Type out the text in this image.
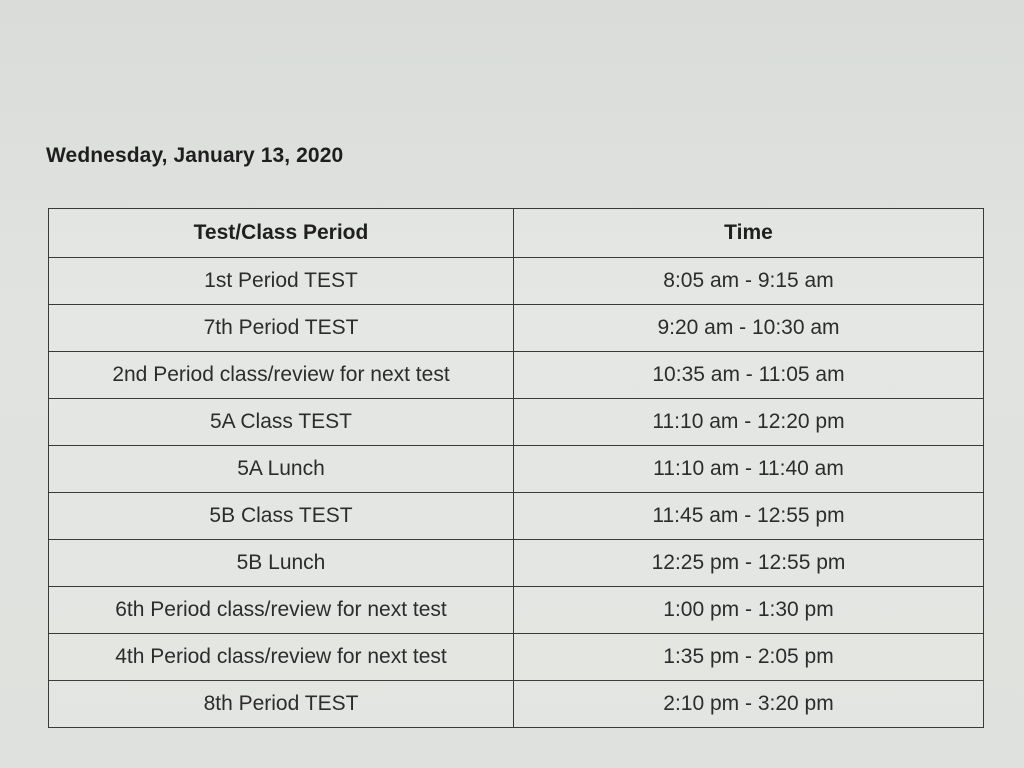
Wednesday, January 13, 2020
Test/Class Period	Time
1st Period TEST	8:05 am - 9:15 am
7th Period TEST	9:20 am - 10:30 am
2nd Period class/review for next test	10:35 am - 11:05 am
5A Class TEST	11:10 am - 12:20 pm
5A Lunch	11:10 am - 11:40 am
5B Class TEST	11:45 am - 12:55 pm
5B Lunch	12:25 pm - 12:55 pm
6th Period class/review for next test	1:00 pm - 1:30 pm
4th Period class/review for next test	1:35 pm - 2:05 pm
8th Period TEST	2:10 pm - 3:20 pm
